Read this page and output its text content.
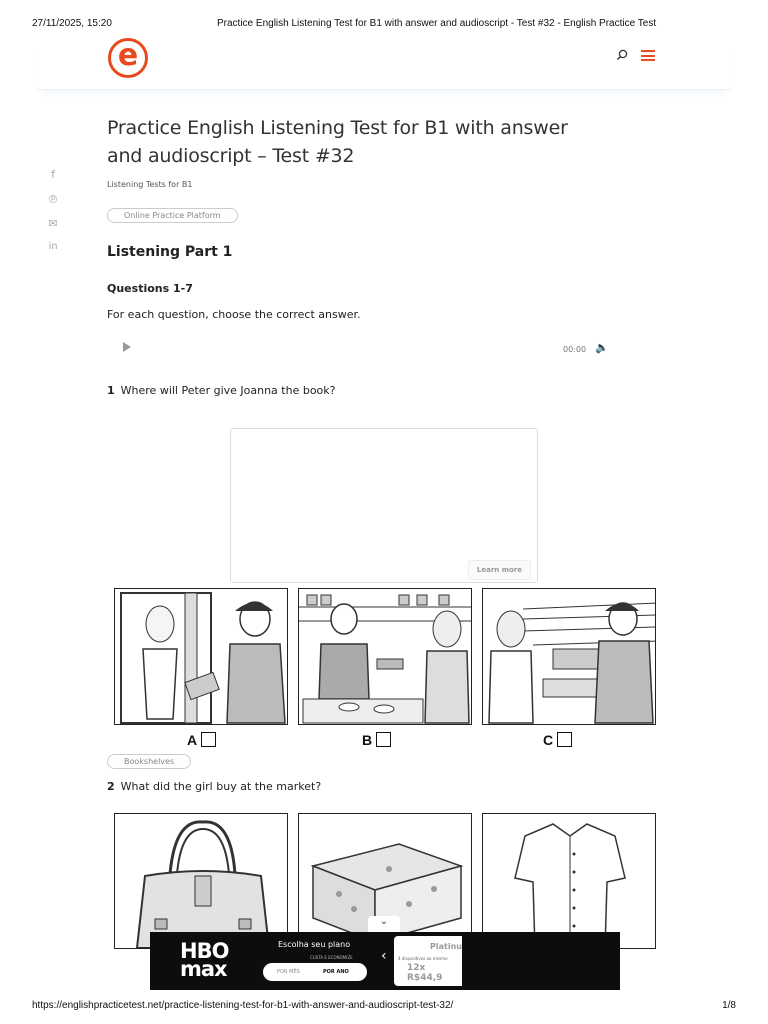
27/11/2025, 15:20	Practice English Listening Test for B1 with answer and audioscript - Test #32 - English Practice Test
e
f
℗
✉
in
Practice English Listening Test for B1 with answer and audioscript – Test #32
Listening Tests for B1
Online Practice Platform
Listening Part 1
Questions 1-7
For each question, choose the correct answer.
00:00 🔈
1 Where will Peter give Joanna the book?
Learn more
A	B	C
Bookshelves
2 What did the girl buy at the market?
⌄
HBO
max
Escolha seu plano
CUSTA E ECONOMIZE
POR MÊS	POR ANO
‹
Platinu
4 dispositivos ao mesmo
12x R$44,9
●●●
https://englishpracticetest.net/practice-listening-test-for-b1-with-answer-and-audioscript-test-32/	1/8
